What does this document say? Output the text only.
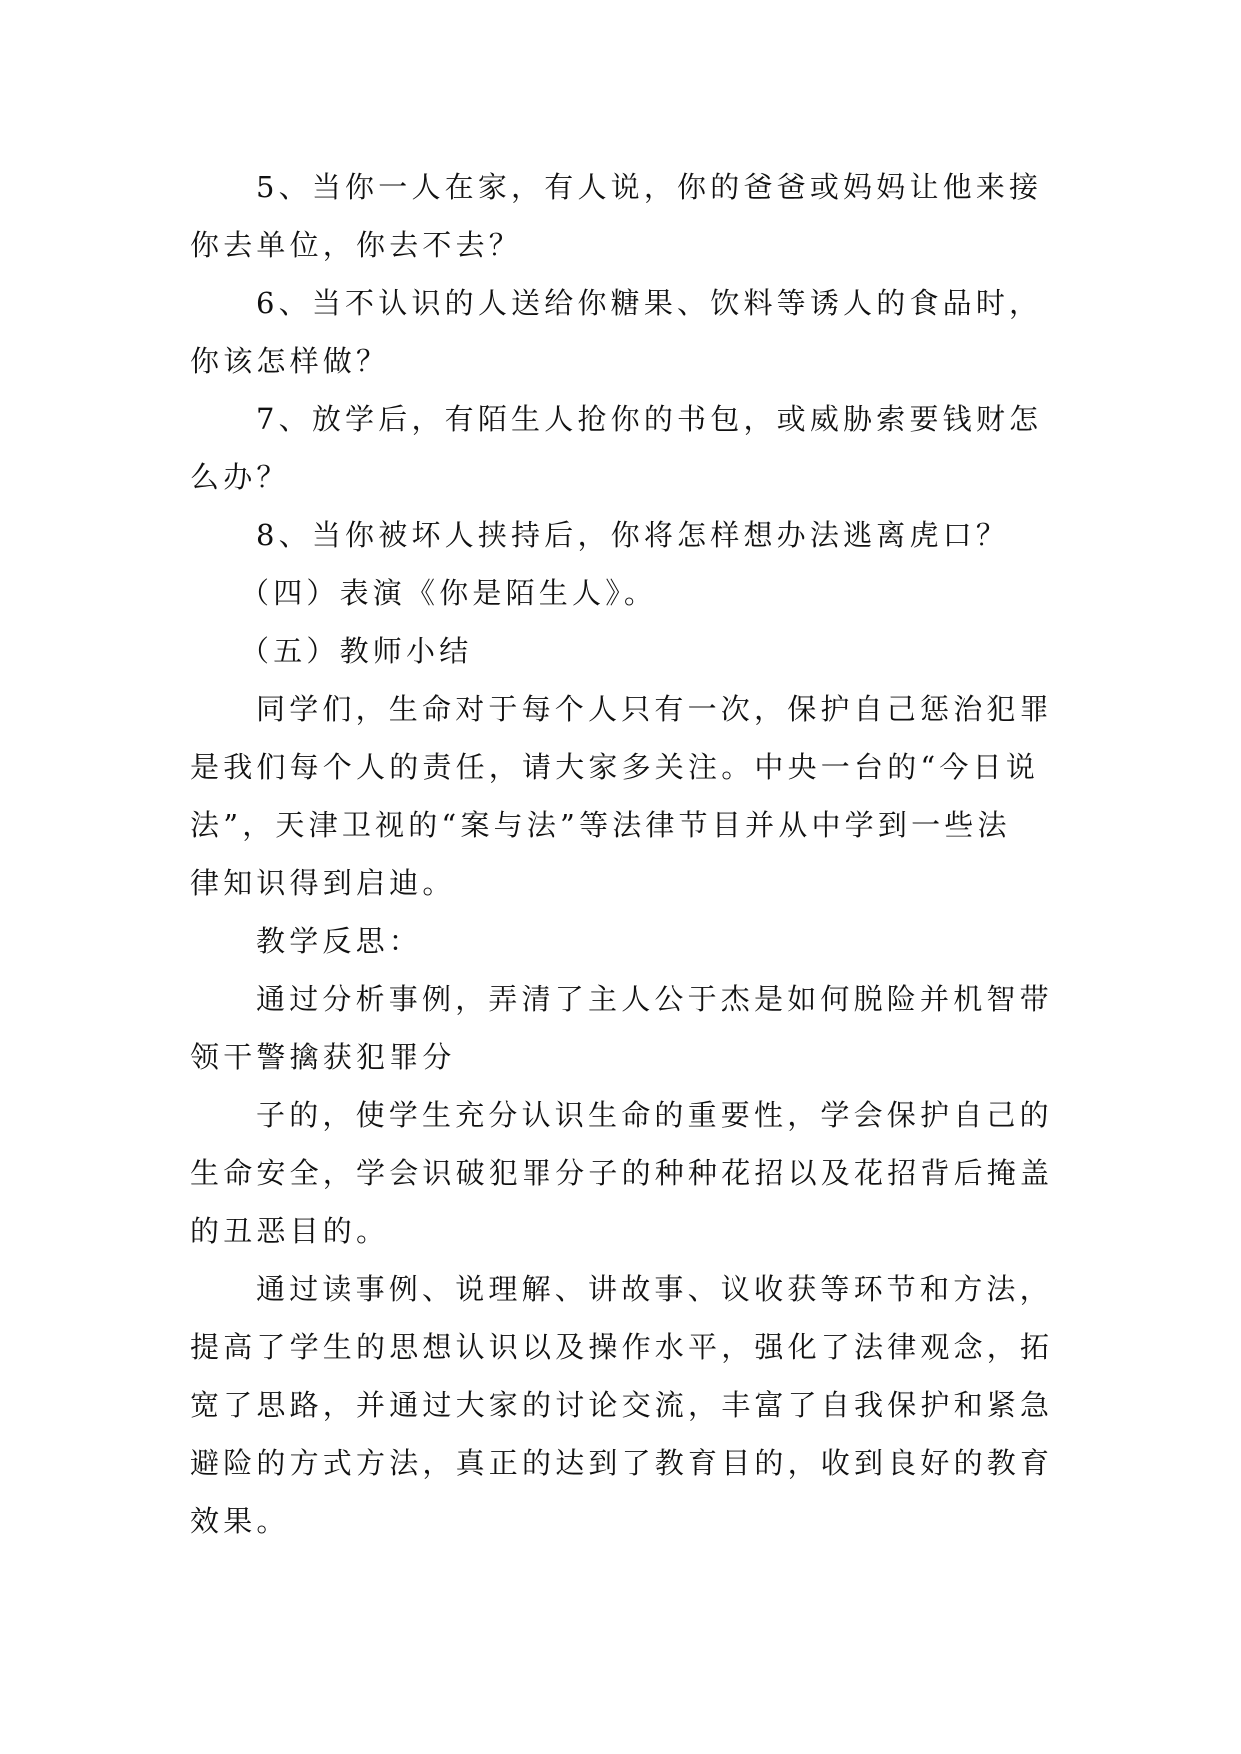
5、当你一人在家，有人说，你的爸爸或妈妈让他来接

你去单位，你去不去？

6、当不认识的人送给你糖果、饮料等诱人的食品时，

你该怎样做？

7、放学后，有陌生人抢你的书包，或威胁索要钱财怎

么办？

8、当你被坏人挟持后，你将怎样想办法逃离虎口？

（四）表演《你是陌生人》。

（五）教师小结

同学们，生命对于每个人只有一次，保护自己惩治犯罪

是我们每个人的责任，请大家多关注。中央一台的“今日说

法”，天津卫视的“案与法”等法律节目并从中学到一些法

律知识得到启迪。

教学反思：

通过分析事例，弄清了主人公于杰是如何脱险并机智带

领干警擒获犯罪分

子的，使学生充分认识生命的重要性，学会保护自己的

生命安全，学会识破犯罪分子的种种花招以及花招背后掩盖

的丑恶目的。

通过读事例、说理解、讲故事、议收获等环节和方法，

提高了学生的思想认识以及操作水平，强化了法律观念，拓

宽了思路，并通过大家的讨论交流，丰富了自我保护和紧急

避险的方式方法，真正的达到了教育目的，收到良好的教育

效果。
